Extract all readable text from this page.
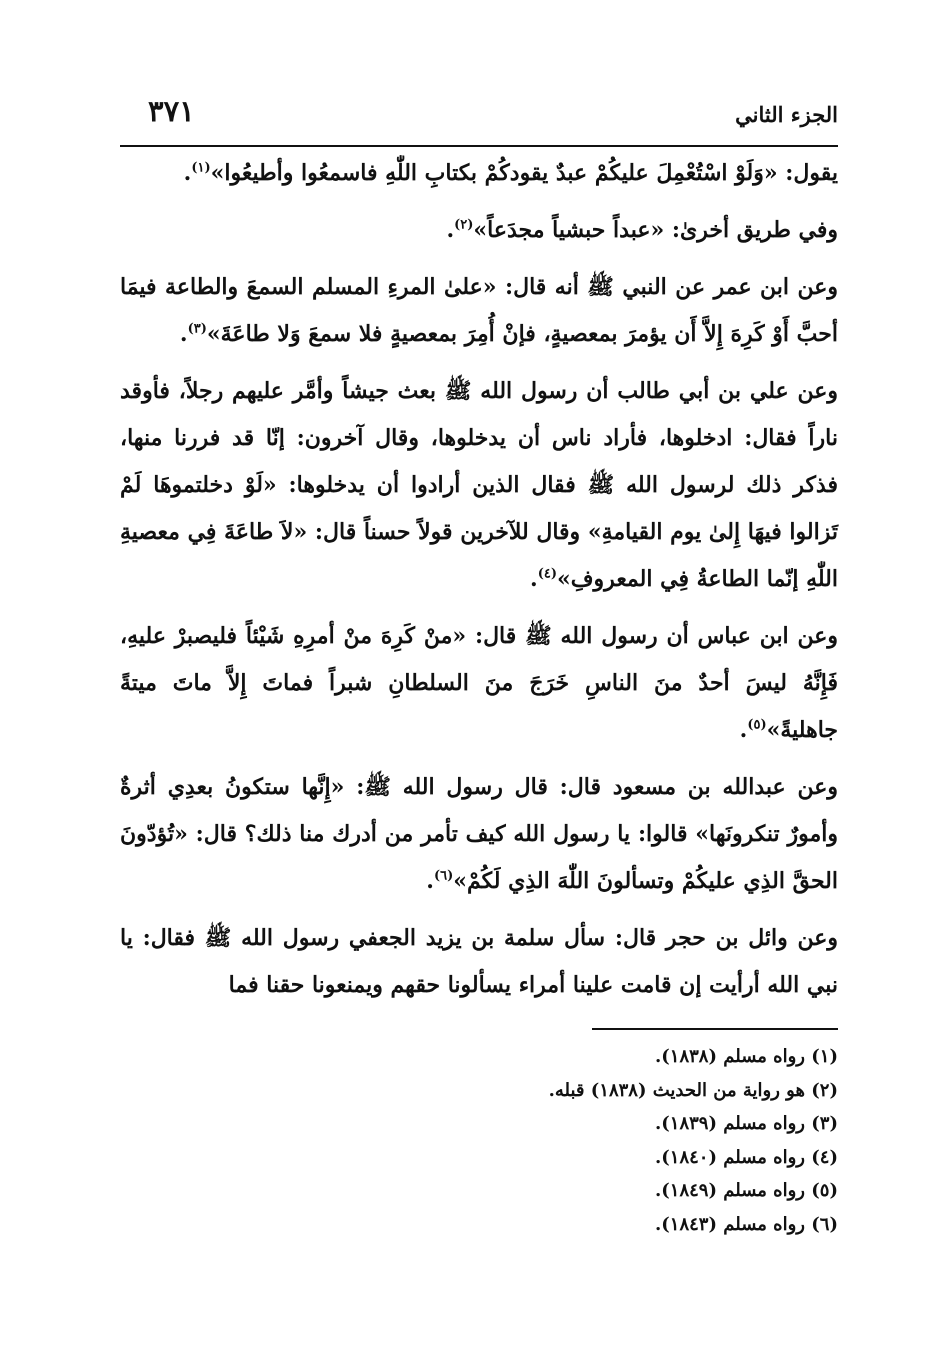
الجزء الثاني
٣٧١

يقول: «وَلَوْ اسْتُعْمِلَ عليكُمْ عبدٌ يقودكُمْ بكتابِ اللّٰهِ فاسمعُوا وأطيعُوا»$^{(١)}$.

وفي طريق أخرىٰ: «عبداً حبشياً مجدَعاً»$^{(٢)}$.

وعن ابن عمر عن النبي ﷺ أنه قال: «علىٰ المرءِ المسلم السمعَ والطاعة فيمَا أحبَّ أَوْ كَرِهَ إِلاَّ أَن يؤمرَ بمعصيةٍ، فإنْ أُمِرَ بمعصيةٍ فلا سمعَ وَلا طاعَةَ»$^{(٣)}$.

وعن علي بن أبي طالب أن رسول الله ﷺ بعث جيشاً وأمَّر عليهم رجلاً، فأوقد ناراً فقال: ادخلوها، فأراد ناس أن يدخلوها، وقال آخرون: إنّا قد فررنا منها، فذكر ذلك لرسول الله ﷺ فقال الذين أرادوا أن يدخلوها: «لَوْ دخلتموهَا لَمْ تَزالوا فيهَا إِلىٰ يوم القيامةِ» وقال للآخرين قولاً حسناً قال: «لاَ طاعَةَ فِي معصيةِ اللّٰهِ إنّما الطاعةُ فِي المعروفِ»$^{(٤)}$.

وعن ابن عباس أن رسول الله ﷺ قال: «منْ كَرِهَ منْ أمرِهِ شَيْئاً فليصبرْ عليهِ، فَإِنَّهُ ليسَ أحدٌ منَ الناسِ خَرَجَ منَ السلطانِ شبراً فماتَ إِلاَّ ماتَ ميتةً جاهليةً»$^{(٥)}$.

وعن عبدالله بن مسعود قال: قال رسول الله ﷺ: «إِنَّها ستكونُ بعدِي أثرةٌ وأمورٌ تنكرونَها» قالوا: يا رسول الله كيف تأمر من أدرك منا ذلك؟ قال: «تُؤدّونَ الحقَّ الذِي عليكُمْ وتسألونَ اللّٰهَ الذِي لَكُمْ»$^{(٦)}$.

وعن وائل بن حجر قال: سأل سلمة بن يزيد الجعفي رسول الله ﷺ فقال: يا نبي الله أرأيت إن قامت علينا أمراء يسألونا حقهم ويمنعونا حقنا فما

(١) رواه مسلم (١٨٣٨).
(٢) هو رواية من الحديث (١٨٣٨) قبله.
(٣) رواه مسلم (١٨٣٩).
(٤) رواه مسلم (١٨٤٠).
(٥) رواه مسلم (١٨٤٩).
(٦) رواه مسلم (١٨٤٣).
